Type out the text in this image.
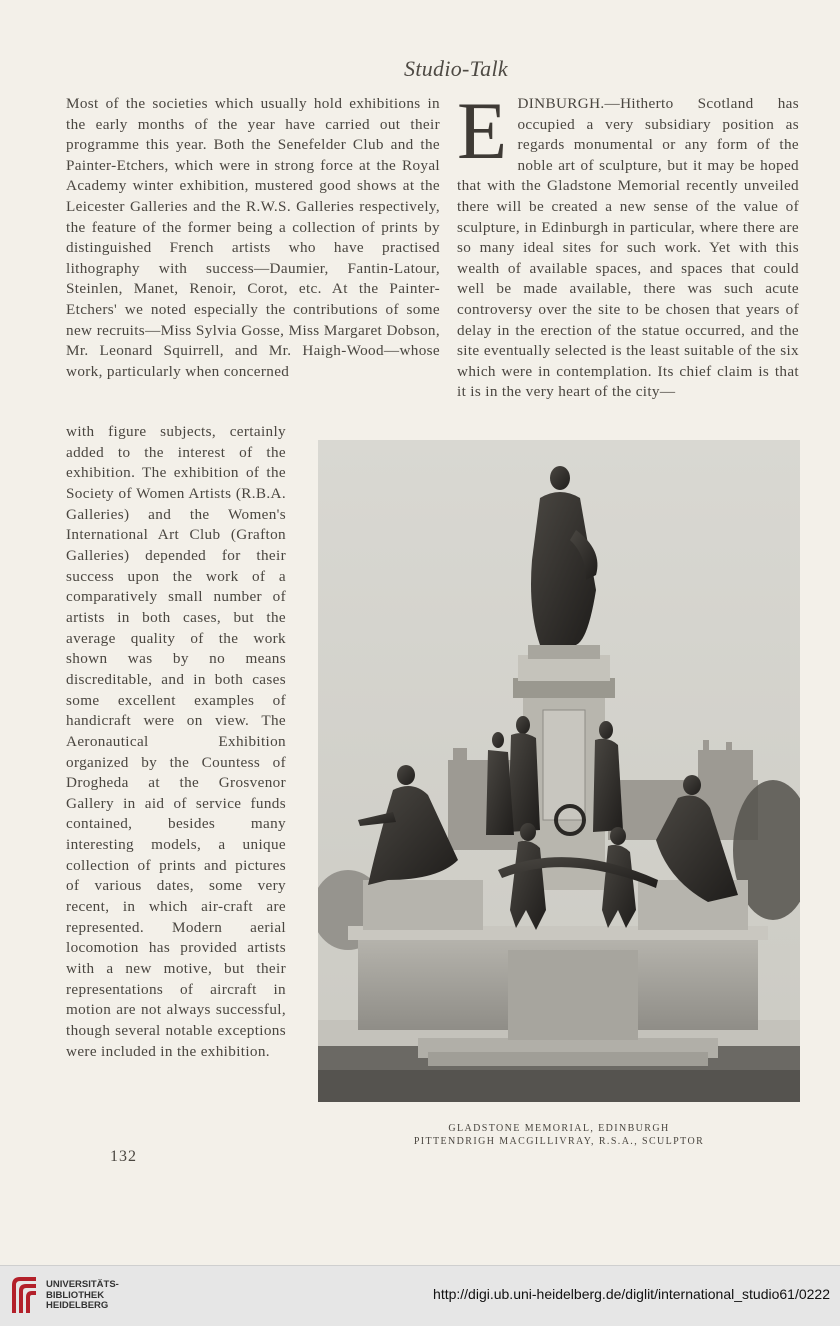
Studio-Talk

Most of the societies which usually hold exhibitions in the early months of the year have carried out their programme this year. Both the Senefelder Club and the Painter-Etchers, which were in strong force at the Royal Academy winter exhibition, mustered good shows at the Leicester Galleries and the R.W.S. Galleries respectively, the feature of the former being a collection of prints by distinguished French artists who have practised lithography with success—Daumier, Fantin-Latour, Steinlen, Manet, Renoir, Corot, etc. At the Painter-Etchers' we noted especially the contributions of some new recruits—Miss Sylvia Gosse, Miss Margaret Dobson, Mr. Leonard Squirrell, and Mr. Haigh-Wood—whose work, particularly when concerned

with figure subjects, certainly added to the interest of the exhibition. The exhibition of the Society of Women Artists (R.B.A. Galleries) and the Women's International Art Club (Grafton Galleries) depended for their success upon the work of a comparatively small number of artists in both cases, but the average quality of the work shown was by no means discreditable, and in both cases some excellent examples of handicraft were on view. The Aeronautical Exhibition organized by the Countess of Drogheda at the Grosvenor Gallery in aid of service funds contained, besides many interesting models, a unique collection of prints and pictures of various dates, some very recent, in which air-craft are represented. Modern aerial locomotion has provided artists with a new motive, but their representations of aircraft in motion are not always successful, though several notable exceptions were included in the exhibition.

EDINBURGH.—Hitherto Scotland has occupied a very subsidiary position as regards monumental or any form of the noble art of sculpture, but it may be hoped that with the Gladstone Memorial recently unveiled there will be created a new sense of the value of sculpture, in Edinburgh in particular, where there are so many ideal sites for such work. Yet with this wealth of available spaces, and spaces that could well be made available, there was such acute controversy over the site to be chosen that years of delay in the erection of the statue occurred, and the site eventually selected is the least suitable of the six which were in contemplation. Its chief claim is that it is in the very heart of the city—

GLADSTONE MEMORIAL, EDINBURGH
PITTENDRIGH MACGILLIVRAY, R.S.A., SCULPTOR
132
UNIVERSITÄTS-
BIBLIOTHEK
HEIDELBERG
http://digi.ub.uni-heidelberg.de/diglit/international_studio61/0222
